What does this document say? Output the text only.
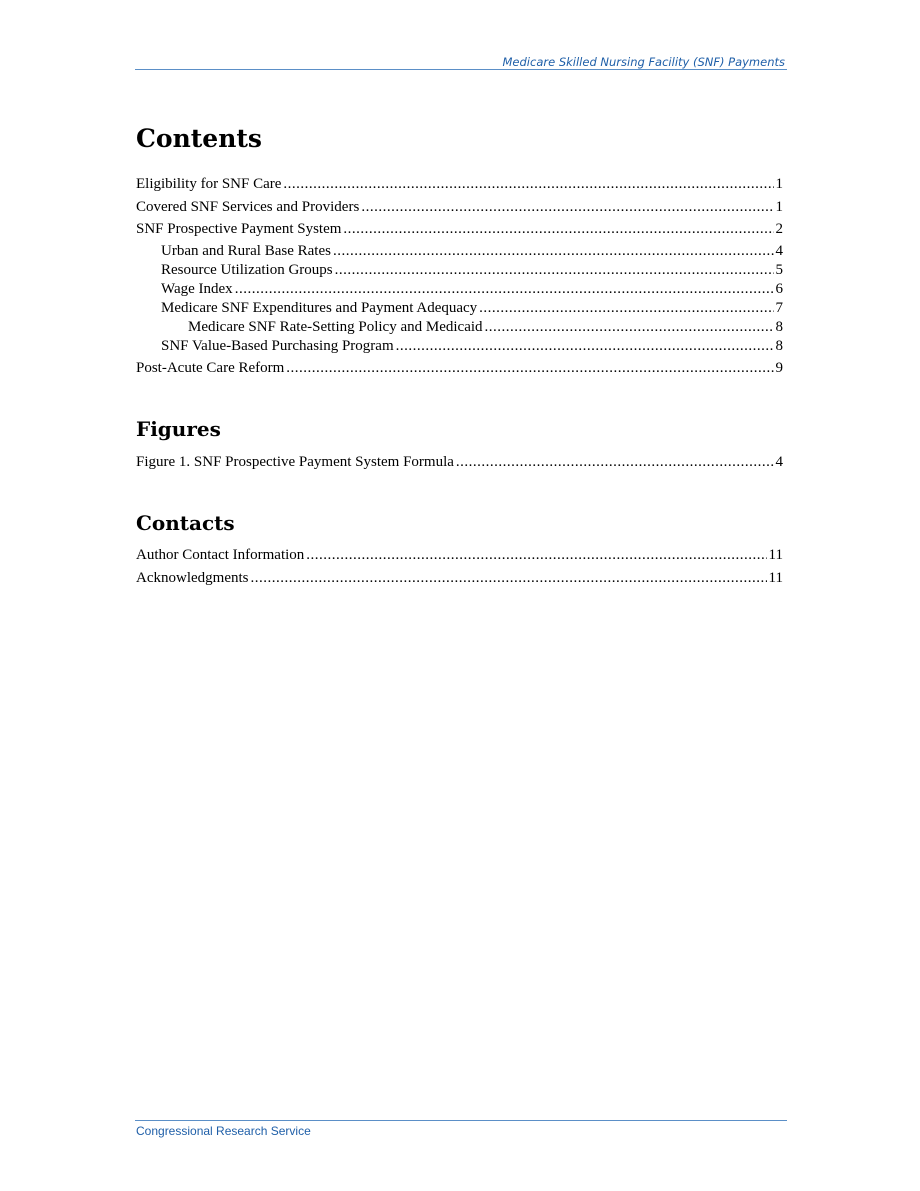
Medicare Skilled Nursing Facility (SNF) Payments
Contents
Eligibility for SNF Care .....	1
Covered SNF Services and Providers .....	1
SNF Prospective Payment System .....	2
Urban and Rural Base Rates .....	4
Resource Utilization Groups .....	5
Wage Index .....	6
Medicare SNF Expenditures and Payment Adequacy .....	7
Medicare SNF Rate-Setting Policy and Medicaid .....	8
SNF Value-Based Purchasing Program .....	8
Post-Acute Care Reform .....	9
Figures
Figure 1. SNF Prospective Payment System Formula .....	4
Contacts
Author Contact Information .....	11
Acknowledgments .....	11
Congressional Research Service
